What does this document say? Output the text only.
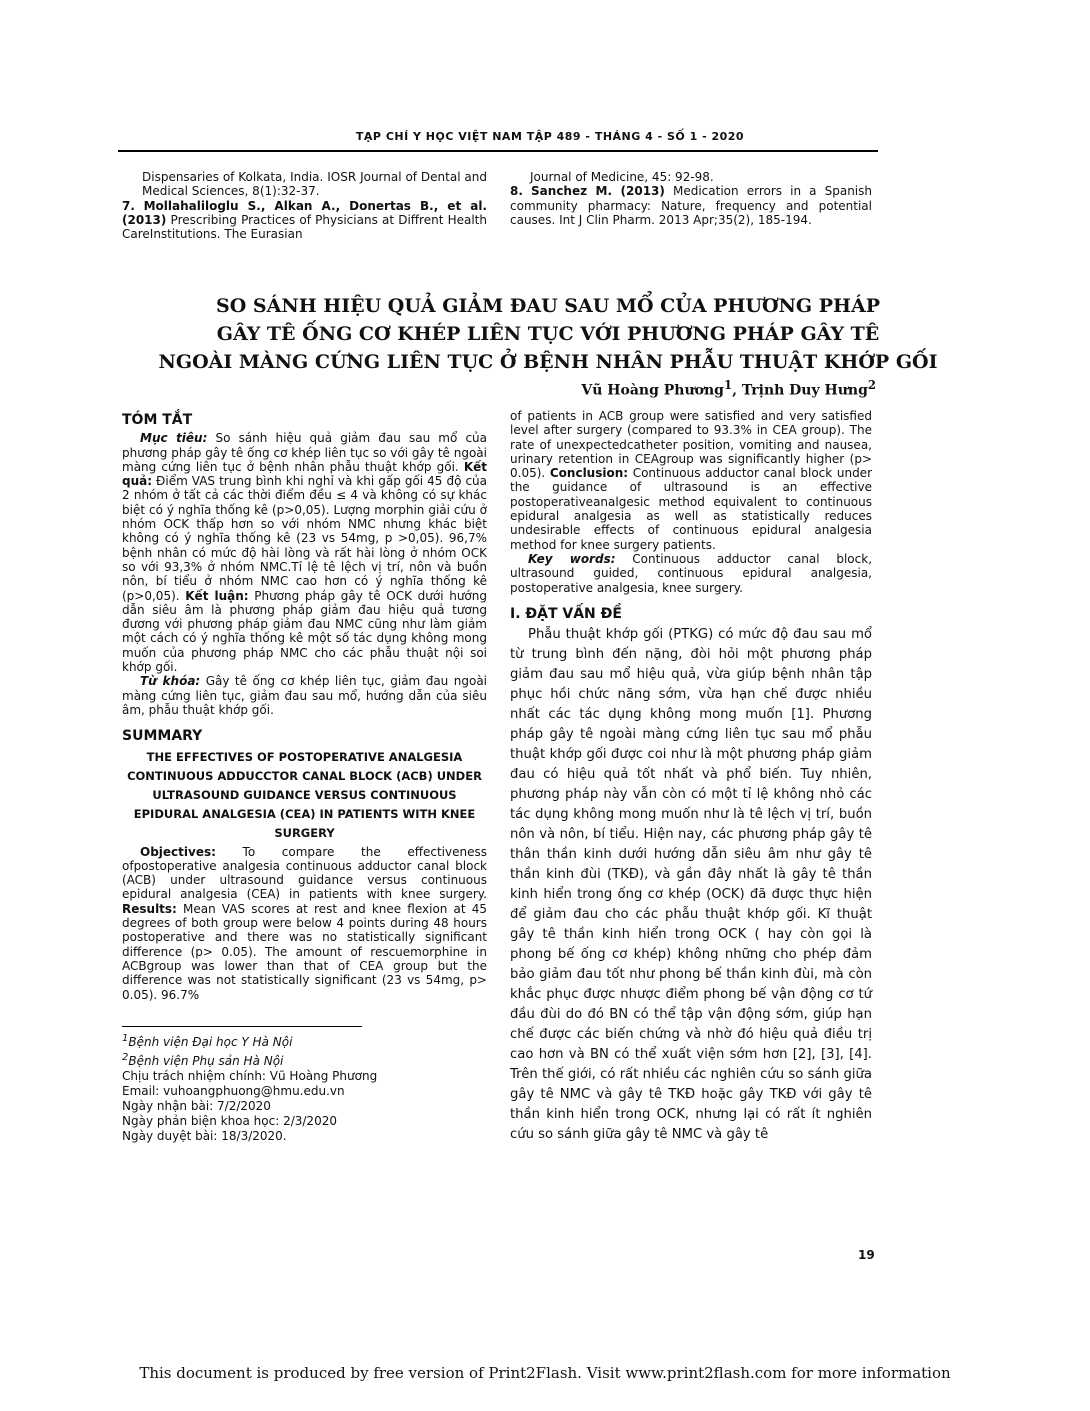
TẠP CHÍ Y HỌC VIỆT NAM TẬP 489 - THÁNG 4 - SỐ 1 - 2020

Dispensaries of Kolkata, India. IOSR Journal of Dental and Medical Sciences, 8(1):32-37.

7. Mollahaliloglu S., Alkan A., Donertas B., et al. (2013) Prescribing Practices of Physicians at Diffrent Health CareInstitutions. The Eurasian

Journal of Medicine, 45: 92-98.

8. Sanchez M. (2013) Medication errors in a Spanish community pharmacy: Nature, frequency and potential causes. Int J Clin Pharm. 2013 Apr;35(2), 185-194.

SO SÁNH HIỆU QUẢ GIẢM ĐAU SAU MỔ CỦA PHƯƠNG PHÁP
GÂY TÊ ỐNG CƠ KHÉP LIÊN TỤC VỚI PHƯƠNG PHÁP GÂY TÊ
NGOÀI MÀNG CỨNG LIÊN TỤC Ở BỆNH NHÂN PHẪU THUẬT KHỚP GỐI
Vũ Hoàng Phương$^1$, Trịnh Duy Hưng$^2$
TÓM TẮT

Mục tiêu: So sánh hiệu quả giảm đau sau mổ của phương pháp gây tê ống cơ khép liên tục so với gây tê ngoài màng cứng liên tục ở bệnh nhân phẫu thuật khớp gối. Kết quả: Điểm VAS trung bình khi nghỉ và khi gấp gối 45 độ của 2 nhóm ở tất cả các thời điểm đều ≤ 4 và không có sự khác biệt có ý nghĩa thống kê (p>0,05). Lượng morphin giải cứu ở nhóm OCK thấp hơn so với nhóm NMC nhưng khác biệt không có ý nghĩa thống kê (23 vs 54mg, p >0,05). 96,7% bệnh nhân có mức độ hài lòng và rất hài lòng ở nhóm OCK so với 93,3% ở nhóm NMC.Tỉ lệ tê lệch vị trí, nôn và buồn nôn, bí tiểu ở nhóm NMC cao hơn có ý nghĩa thống kê (p>0,05). Kết luận: Phương pháp gây tê OCK dưới hướng dẫn siêu âm là phương pháp giảm đau hiệu quả tương đương với phương pháp giảm đau NMC cũng như làm giảm một cách có ý nghĩa thống kê một số tác dụng không mong muốn của phương pháp NMC cho các phẫu thuật nội soi khớp gối.

Từ khóa: Gây tê ống cơ khép liên tục, giảm đau ngoài màng cứng liên tục, giảm đau sau mổ, hướng dẫn của siêu âm, phẫu thuật khớp gối.

SUMMARY
THE EFFECTIVES OF POSTOPERATIVE ANALGESIA CONTINUOUS ADDUCCTOR CANAL BLOCK (ACB) UNDER ULTRASOUND GUIDANCE VERSUS CONTINUOUS EPIDURAL ANALGESIA (CEA) IN PATIENTS WITH KNEE SURGERY

Objectives: To compare the effectiveness ofpostoperative analgesia continuous adductor canal block (ACB) under ultrasound guidance versus continuous epidural analgesia (CEA) in patients with knee surgery. Results: Mean VAS scores at rest and knee flexion at 45 degrees of both group were below 4 points during 48 hours postoperative and there was no statistically significant difference (p> 0.05). The amount of rescuemorphine in ACBgroup was lower than that of CEA group but the difference was not statistically significant (23 vs 54mg, p> 0.05). 96.7%

$^1$Bệnh viện Đại học Y Hà Nội
$^2$Bệnh viện Phụ sản Hà Nội
Chịu trách nhiệm chính: Vũ Hoàng Phương
Email: vuhoangphuong@hmu.edu.vn
Ngày nhận bài: 7/2/2020
Ngày phản biện khoa học: 2/3/2020
Ngày duyệt bài: 18/3/2020.

of patients in ACB group were satisfied and very satisfied level after surgery (compared to 93.3% in CEA group). The rate of unexpectedcatheter position, vomiting and nausea, urinary retention in CEAgroup was significantly higher (p> 0.05). Conclusion: Continuous adductor canal block under the guidance of ultrasound is an effective postoperativeanalgesic method equivalent to continuous epidural analgesia as well as statistically reduces undesirable effects of continuous epidural analgesia method for knee surgery patients.

Key words: Continuous adductor canal block, ultrasound guided, continuous epidural analgesia, postoperative analgesia, knee surgery.

I. ĐẶT VẤN ĐỀ

Phẫu thuật khớp gối (PTKG) có mức độ đau sau mổ từ trung bình đến nặng, đòi hỏi một phương pháp giảm đau sau mổ hiệu quả, vừa giúp bệnh nhân tập phục hồi chức năng sớm, vừa hạn chế được nhiều nhất các tác dụng không mong muốn [1]. Phương pháp gây tê ngoài màng cứng liên tục sau mổ phẫu thuật khớp gối được coi như là một phương pháp giảm đau có hiệu quả tốt nhất và phổ biến. Tuy nhiên, phương pháp này vẫn còn có một tỉ lệ không nhỏ các tác dụng không mong muốn như là tê lệch vị trí, buồn nôn và nôn, bí tiểu. Hiện nay, các phương pháp gây tê thân thần kinh dưới hướng dẫn siêu âm như gây tê thần kinh đùi (TKĐ), và gần đây nhất là gây tê thần kinh hiển trong ống cơ khép (OCK) đã được thực hiện để giảm đau cho các phẫu thuật khớp gối. Kĩ thuật gây tê thần kinh hiển trong OCK ( hay còn gọi là phong bế ống cơ khép) không những cho phép đảm bảo giảm đau tốt như phong bế thần kinh đùi, mà còn khắc phục được nhược điểm phong bế vận động cơ tứ đầu đùi do đó BN có thể tập vận động sớm, giúp hạn chế được các biến chứng và nhờ đó hiệu quả điều trị cao hơn và BN có thể xuất viện sớm hơn [2], [3], [4]. Trên thế giới, có rất nhiều các nghiên cứu so sánh giữa gây tê NMC và gây tê TKĐ hoặc gây TKĐ với gây tê thần kinh hiển trong OCK, nhưng lại có rất ít nghiên cứu so sánh giữa gây tê NMC và gây tê

19
This document is produced by free version of Print2Flash. Visit www.print2flash.com for more information
